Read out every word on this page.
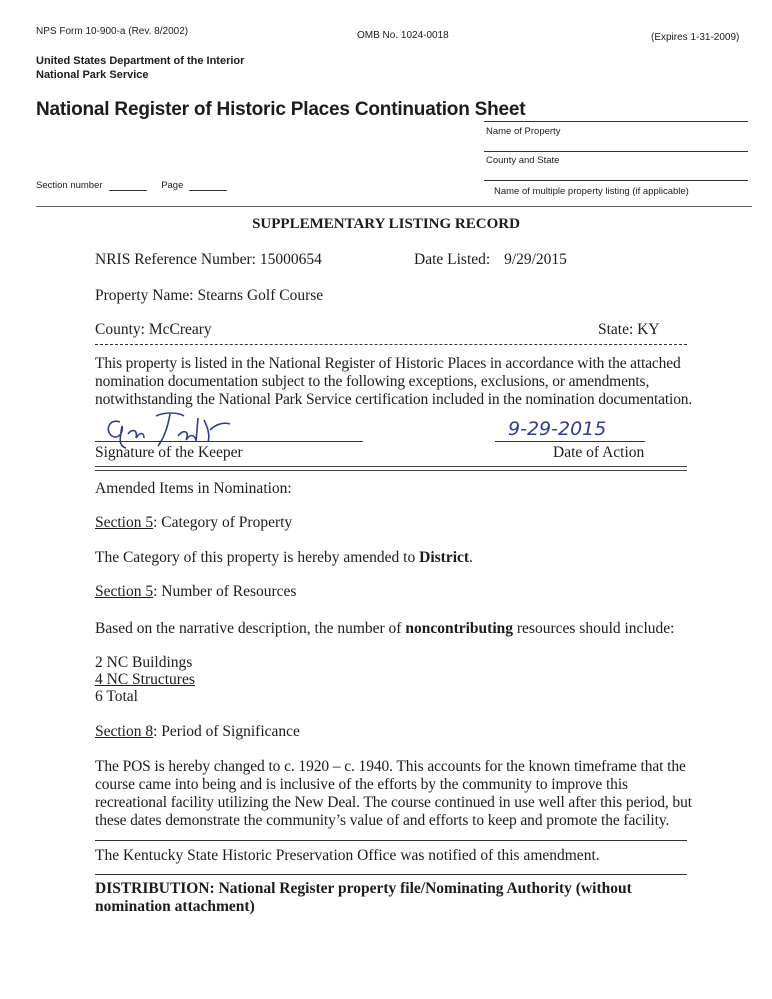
NPS Form 10-900-a (Rev. 8/2002)	OMB No. 1024-0018	(Expires 1-31-2009)
United States Department of the Interior
National Park Service
National Register of Historic Places Continuation Sheet
Name of Property
County and State
Name of multiple property listing (if applicable)
Section number	Page
SUPPLEMENTARY LISTING RECORD
NRIS Reference Number: 15000654	Date Listed: 9/29/2015
Property Name: Stearns Golf Course
County: McCreary	State: KY
This property is listed in the National Register of Historic Places in accordance with the attached nomination documentation subject to the following exceptions, exclusions, or amendments, notwithstanding the National Park Service certification included in the nomination documentation.
Signature of the Keeper
9-29-2015
Date of Action
Amended Items in Nomination:
Section 5: Category of Property
The Category of this property is hereby amended to District.
Section 5: Number of Resources
Based on the narrative description, the number of noncontributing resources should include:
2 NC Buildings
4 NC Structures
6 Total
Section 8: Period of Significance
The POS is hereby changed to c. 1920 – c. 1940. This accounts for the known timeframe that the course came into being and is inclusive of the efforts by the community to improve this recreational facility utilizing the New Deal. The course continued in use well after this period, but these dates demonstrate the community’s value of and efforts to keep and promote the facility.
The Kentucky State Historic Preservation Office was notified of this amendment.
DISTRIBUTION: National Register property file/Nominating Authority (without nomination attachment)
